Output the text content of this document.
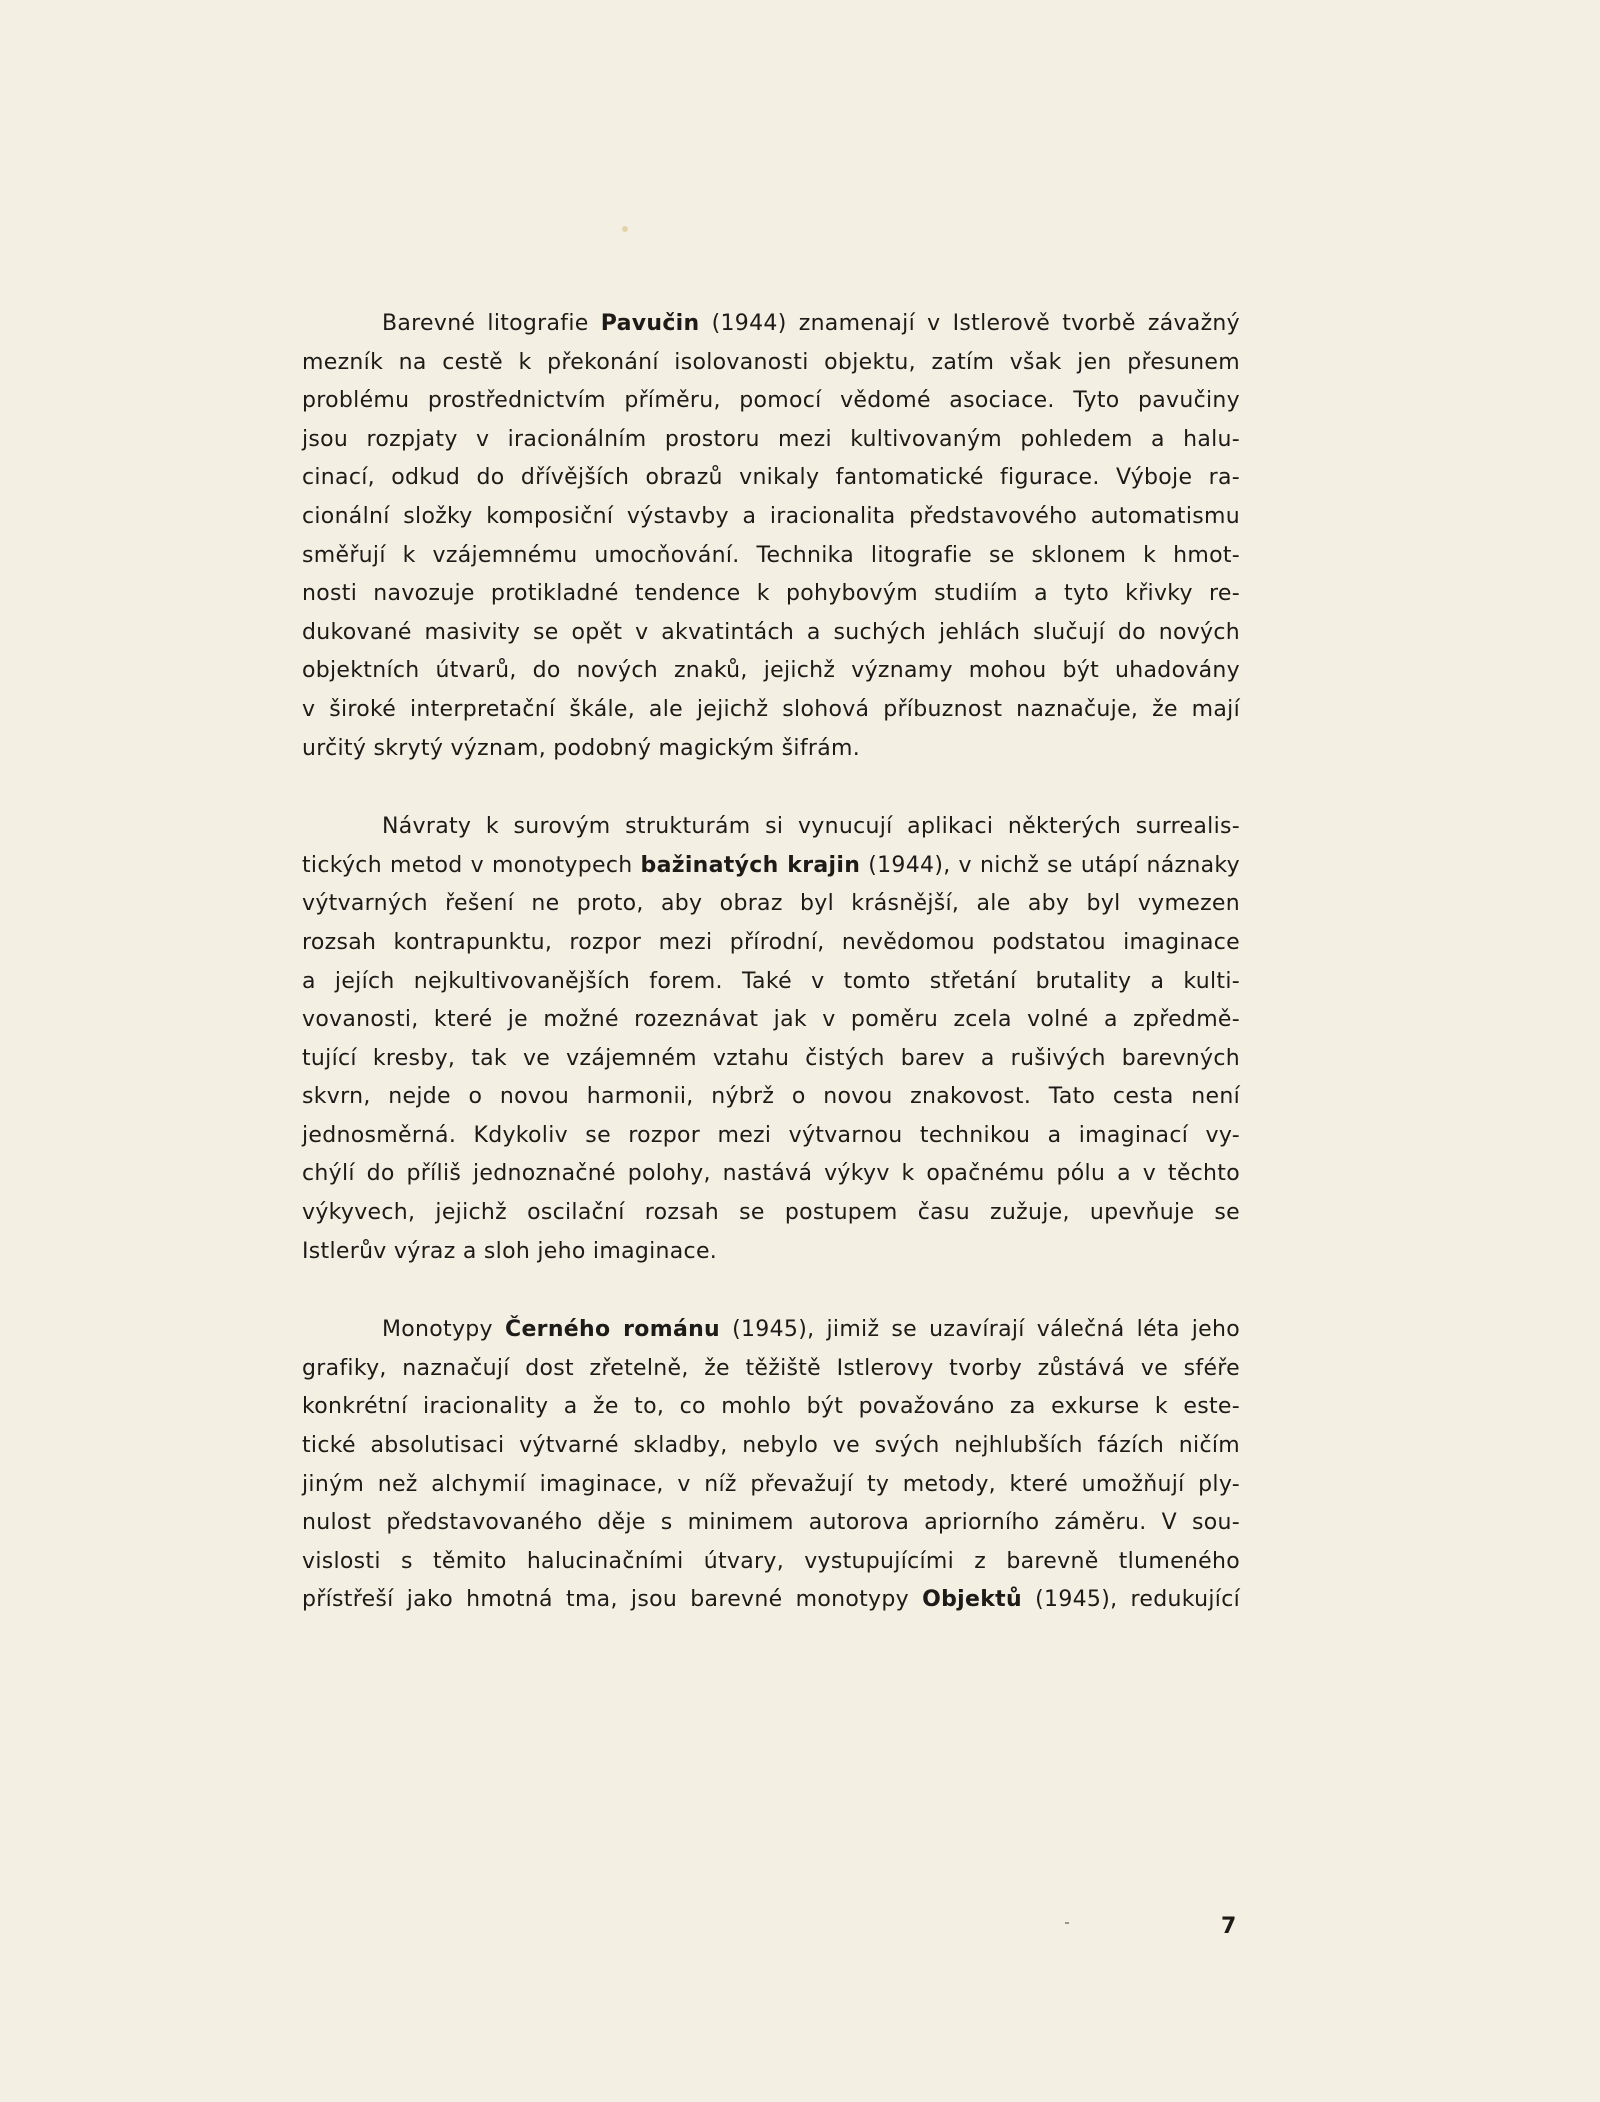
Barevné litografie Pavučin (1944) znamenají v Istlerově tvorbě závažný
mezník na cestě k překonání isolovanosti objektu, zatím však jen přesunem
problému prostřednictvím příměru, pomocí vědomé asociace. Tyto pavučiny
jsou rozpjaty v iracionálním prostoru mezi kultivovaným pohledem a halu-
cinací, odkud do dřívějších obrazů vnikaly fantomatické figurace. Výboje ra-
cionální složky komposiční výstavby a iracionalita představového automatismu
směřují k vzájemnému umocňování. Technika litografie se sklonem k hmot-
nosti navozuje protikladné tendence k pohybovým studiím a tyto křivky re-
dukované masivity se opět v akvatintách a suchých jehlách slučují do nových
objektních útvarů, do nových znaků, jejichž významy mohou být uhadovány
v široké interpretační škále, ale jejichž slohová příbuznost naznačuje, že mají
určitý skrytý význam, podobný magickým šifrám.

Návraty k surovým strukturám si vynucují aplikaci některých surrealis-
tických metod v monotypech bažinatých krajin (1944), v nichž se utápí náznaky
výtvarných řešení ne proto, aby obraz byl krásnější, ale aby byl vymezen
rozsah kontrapunktu, rozpor mezi přírodní, nevědomou podstatou imaginace
a jejích nejkultivovanějších forem. Také v tomto střetání brutality a kulti-
vovanosti, které je možné rozeznávat jak v poměru zcela volné a zpředmě-
tující kresby, tak ve vzájemném vztahu čistých barev a rušivých barevných
skvrn, nejde o novou harmonii, nýbrž o novou znakovost. Tato cesta není
jednosměrná. Kdykoliv se rozpor mezi výtvarnou technikou a imaginací vy-
chýlí do příliš jednoznačné polohy, nastává výkyv k opačnému pólu a v těchto
výkyvech, jejichž oscilační rozsah se postupem času zužuje, upevňuje se
Istlerův výraz a sloh jeho imaginace.

Monotypy Černého románu (1945), jimiž se uzavírají válečná léta jeho
grafiky, naznačují dost zřetelně, že těžiště Istlerovy tvorby zůstává ve sféře
konkrétní iracionality a že to, co mohlo být považováno za exkurse k este-
tické absolutisaci výtvarné skladby, nebylo ve svých nejhlubších fázích ničím
jiným než alchymií imaginace, v níž převažují ty metody, které umožňují ply-
nulost představovaného děje s minimem autorova apriorního záměru. V sou-
vislosti s těmito halucinačními útvary, vystupujícími z barevně tlumeného
přístřeší jako hmotná tma, jsou barevné monotypy Objektů (1945), redukující

7
